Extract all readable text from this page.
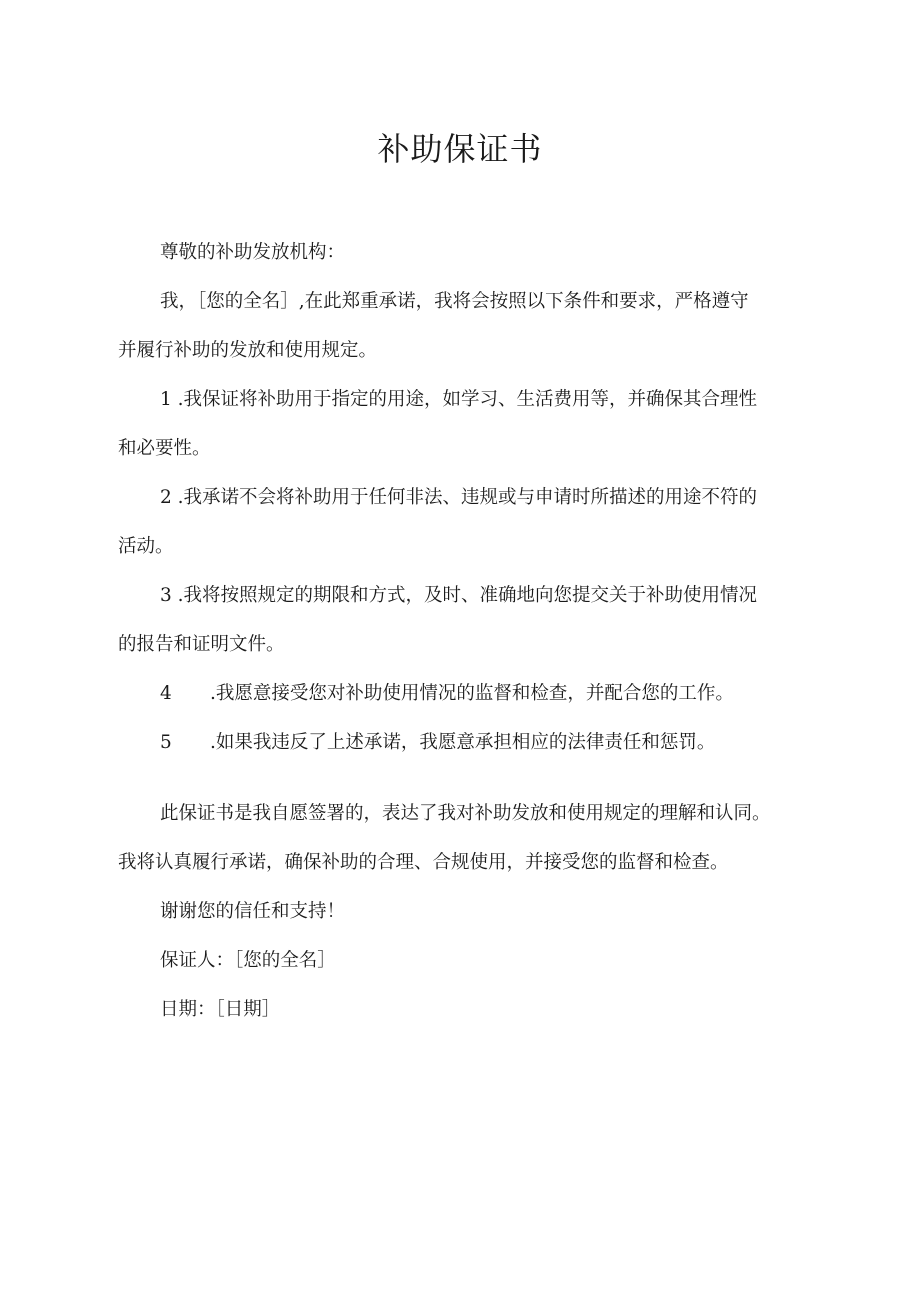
补助保证书
尊敬的补助发放机构：
我，［您的全名］,在此郑重承诺，我将会按照以下条件和要求，严格遵守
并履行补助的发放和使用规定。
1 .我保证将补助用于指定的用途，如学习、生活费用等，并确保其合理性
和必要性。
2 .我承诺不会将补助用于任何非法、违规或与申请时所描述的用途不符的
活动。
3 .我将按照规定的期限和方式，及时、准确地向您提交关于补助使用情况
的报告和证明文件。
4 .我愿意接受您对补助使用情况的监督和检查，并配合您的工作。
5 .如果我违反了上述承诺，我愿意承担相应的法律责任和惩罚。
此保证书是我自愿签署的，表达了我对补助发放和使用规定的理解和认同。
我将认真履行承诺，确保补助的合理、合规使用，并接受您的监督和检查。
谢谢您的信任和支持！
保证人：［您的全名］
日期：［日期］
